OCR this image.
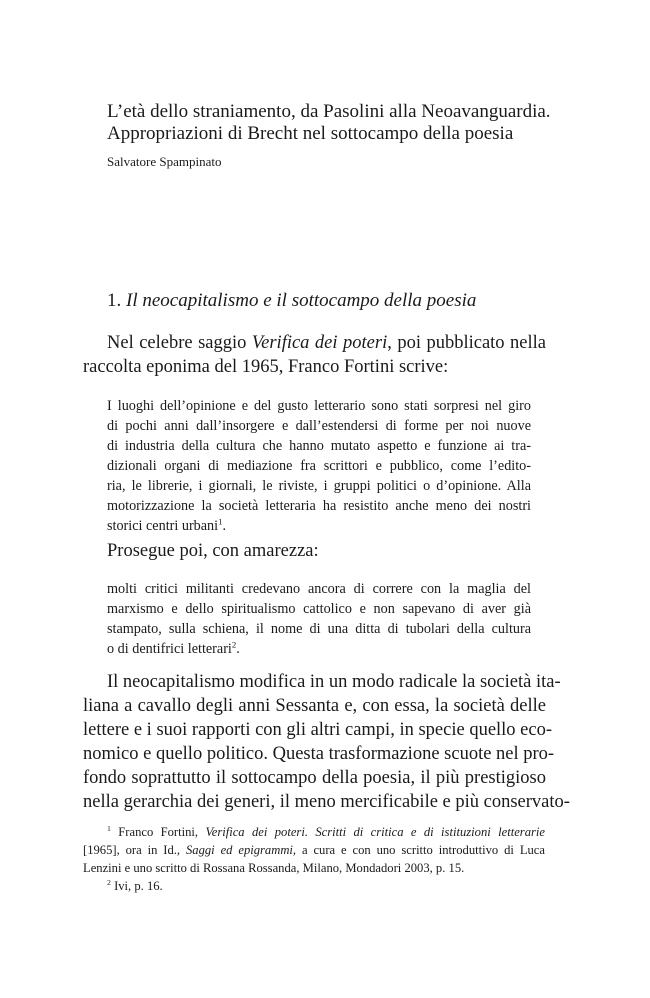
L’età dello straniamento, da Pasolini alla Neoavanguardia.
Appropriazioni di Brecht nel sottocampo della poesia
Salvatore Spampinato
1. Il neocapitalismo e il sottocampo della poesia
Nel celebre saggio Verifica dei poteri, poi pubblicato nella
raccolta eponima del 1965, Franco Fortini scrive:
I luoghi dell’opinione e del gusto letterario sono stati sorpresi nel giro
di pochi anni dall’insorgere e dall’estendersi di forme per noi nuove
di industria della cultura che hanno mutato aspetto e funzione ai tra-
dizionali organi di mediazione fra scrittori e pubblico, come l’edito-
ria, le librerie, i giornali, le riviste, i gruppi politici o d’opinione. Alla
motorizzazione la società letteraria ha resistito anche meno dei nostri
storici centri urbani$^1$.
Prosegue poi, con amarezza:
molti critici militanti credevano ancora di correre con la maglia del
marxismo e dello spiritualismo cattolico e non sapevano di aver già
stampato, sulla schiena, il nome di una ditta di tubolari della cultura
o di dentifrici letterari$^2$.
Il neocapitalismo modifica in un modo radicale la società ita-
liana a cavallo degli anni Sessanta e, con essa, la società delle
lettere e i suoi rapporti con gli altri campi, in specie quello eco-
nomico e quello politico. Questa trasformazione scuote nel pro-
fondo soprattutto il sottocampo della poesia, il più prestigioso
nella gerarchia dei generi, il meno mercificabile e più conservato-
$^1$ Franco Fortini, Verifica dei poteri. Scritti di critica e di istituzioni letterarie
[1965], ora in Id., Saggi ed epigrammi, a cura e con uno scritto introduttivo di Luca
Lenzini e uno scritto di Rossana Rossanda, Milano, Mondadori 2003, p. 15.
$^2$ Ivi, p. 16.
